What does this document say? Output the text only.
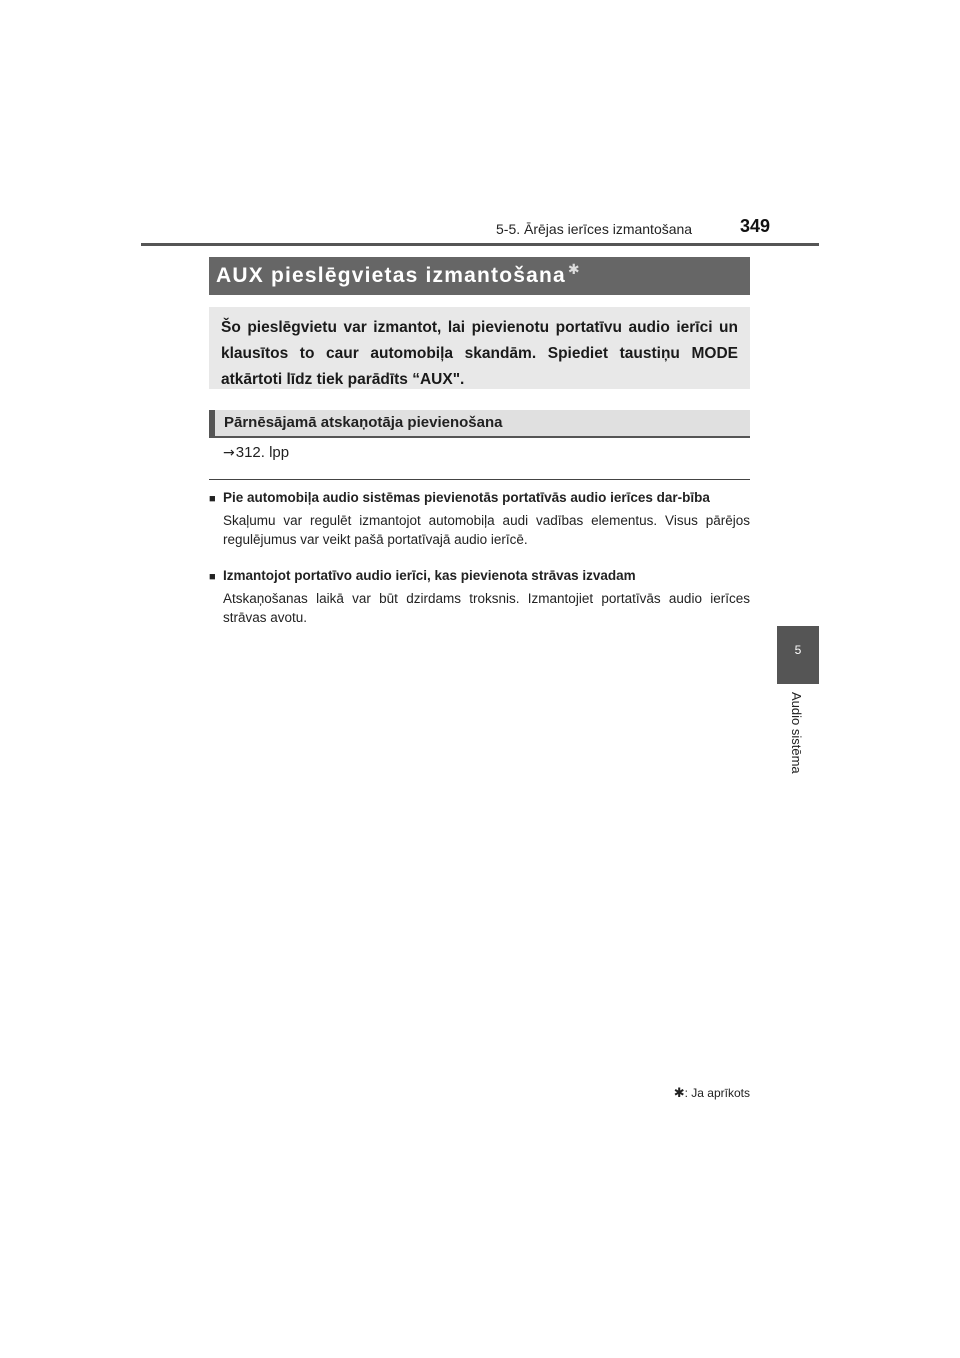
5-5. Ārējas ierīces izmantošana	349
5
Audio sistēma
AUX pieslēgvietas izmantošana ✱
Šo pieslēgvietu var izmantot, lai pievienotu portatīvu audio ierīci un klausītos to caur automobiļa skandām. Spiediet taustiņu MODE atkārtoti līdz tiek parādīts “AUX".
Pārnēsājamā atskaņotāja pievienošana
→312. lpp
■ Pie automobiļa audio sistēmas pievienotās portatīvās audio ierīces dar-bība
Skaļumu var regulēt izmantojot automobiļa audi vadības elementus. Visus pārējos regulējumus var veikt pašā portatīvajā audio ierīcē.
■ Izmantojot portatīvo audio ierīci, kas pievienota strāvas izvadam
Atskaņošanas laikā var būt dzirdams troksnis. Izmantojiet portatīvās audio ierīces strāvas avotu.
✱: Ja aprīkots
